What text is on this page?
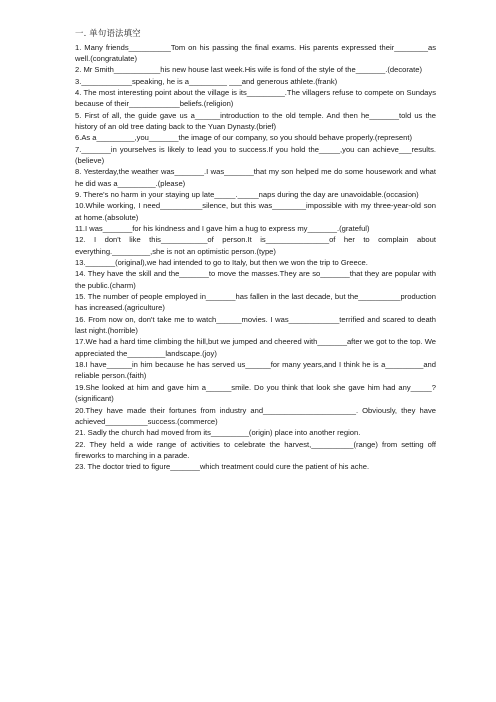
一. 单句语法填空
1. Many friends__________Tom on his passing the final exams. His parents expressed their________as well.(congratulate)
2. Mr Smith___________his new house last week.His wife is fond of the style of the_______.(decorate)
3.____________speaking, he is a_________ ___and generous athlete.(frank)
4. The most interesting point about the village is its_________.The villagers refuse to compete on Sundays because of their____________beliefs.(religion)
5. First of all, the guide gave us a______introduction to the old temple. And then he_______told us the history of an old tree dating back to the Yuan Dynasty.(brief)
6.As a_________,you_______the image of our company, so you should behave properly.(represent)
7._______in yourselves is likely to lead you to success.If you hold the_____,you can achieve___results.(believe)
8. Yesterday,the weather was_______.I was_______that my son helped me do some housework and what he did was a_________.(please)
9. There's no harm in your staying up late_____._____naps during the day are unavoidable.(occasion)
10.While working, I need__________silence, but this was________impossible with my three-year-old son at home.(absolute)
11.I was_______for his kindness and I gave him a hug to express my_______.(grateful)
12. I don't like this___________of person.It is_______________of her to complain about everything._________,she is not an optimistic person.(type)
13._______(original),we had intended to go to Italy, but then we won the trip to Greece.
14. They have the skill and the_______to move the masses.They are so_______that they are popular with the public.(charm)
15. The number of people employed in_______has fallen in the last decade, but the__________production has increased.(agriculture)
16. From now on, don't take me to watch______movies. I was____________terrified and scared to death last night.(horrible)
17.We had a hard time climbing the hill,but we jumped and cheered with_______after we got to the top. We appreciated the_________landscape.(joy)
18.I have______in him because he has served us______for many years,and I think he is a_________and reliable person.(faith)
19.She looked at him and gave him a______smile. Do you think that look she gave him had any_____?(significant)
20.They have made their fortunes from industry and______________________. Obviously, they have achieved__________success.(commerce)
21. Sadly the church had moved from its_________(origin) place into another region.
22. They held a wide range of activities to celebrate the harvest,__________(range) from setting off fireworks to marching in a parade.
23. The doctor tried to figure_______which treatment could cure the patient of his ache.
